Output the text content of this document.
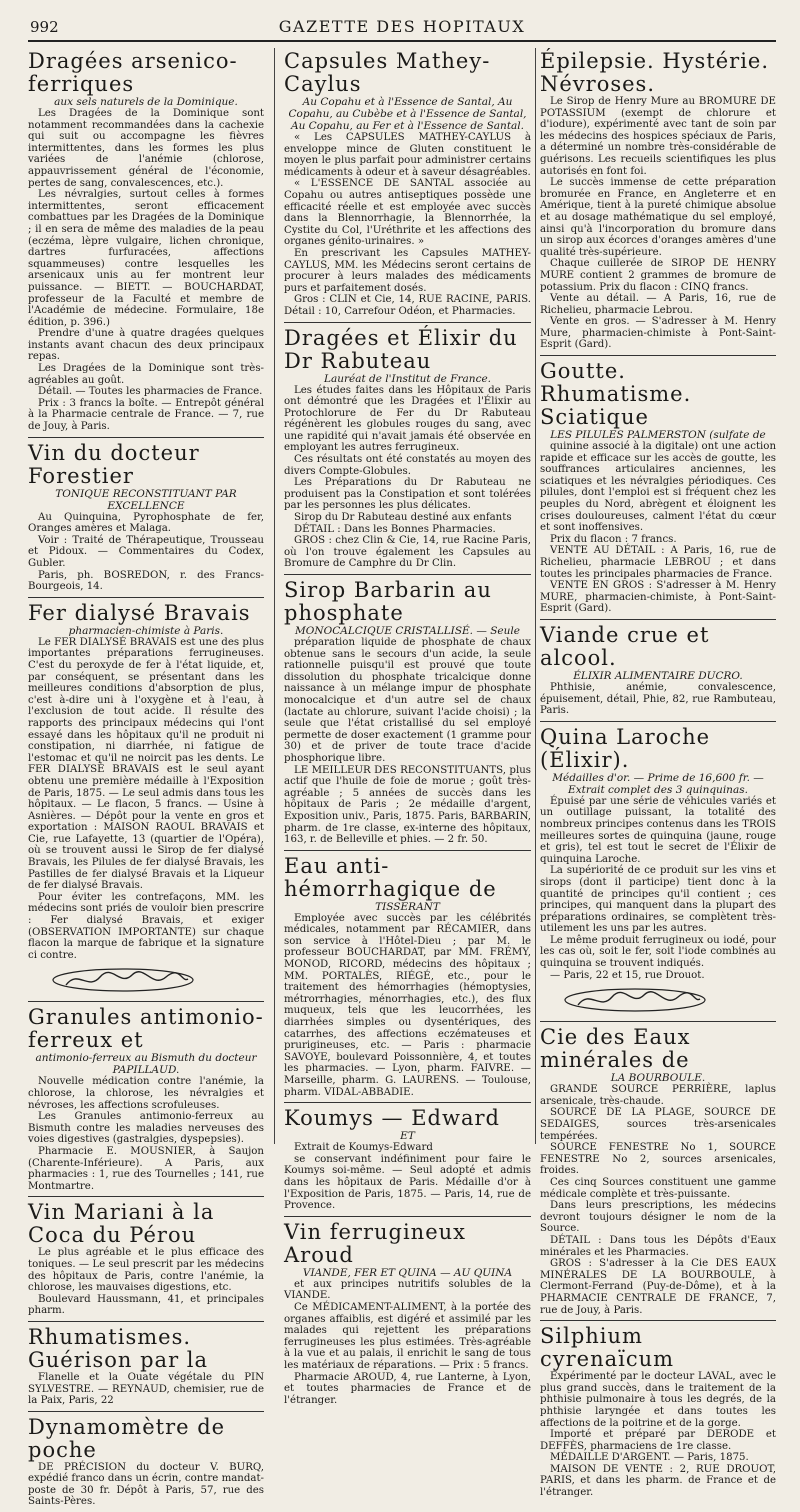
992	GAZETTE DES HOPITAUX
Dragées arsenico-ferriques
aux sels naturels de la Dominique.

Les Dragées de la Dominique sont notamment recommandées dans la cachexie qui suit ou accompagne les fièvres intermittentes, dans les formes les plus variées de l'anémie (chlorose, appauvrissement général de l'économie, pertes de sang, convalescences, etc.).

Les névralgies, surtout celles à formes intermittentes, seront efficacement combattues par les Dragées de la Dominique ; il en sera de même des maladies de la peau (eczéma, lèpre vulgaire, lichen chronique, dartres furfuracées, affections squammeuses) contre lesquelles les arsenicaux unis au fer montrent leur puissance. — BIETT. — BOUCHARDAT, professeur de la Faculté et membre de l'Académie de médecine. Formulaire, 18e édition, p. 396.)

Prendre d'une à quatre dragées quelques instants avant chacun des deux principaux repas.

Les Dragées de la Dominique sont très-agréables au goût.

Détail. — Toutes les pharmacies de France.

Prix : 3 francs la boîte. — Entrepôt général à la Pharmacie centrale de France. — 7, rue de Jouy, à Paris.

Vin du docteur Forestier
TONIQUE RECONSTITUANT PAR EXCELLENCE

Au Quinquina, Pyrophosphate de fer, Oranges amères et Malaga.

Voir : Traité de Thérapeutique, Trousseau et Pidoux. — Commentaires du Codex, Gubler.

Paris, ph. BOSREDON, r. des Francs-Bourgeois, 14.

Fer dialysé Bravais
pharmacien-chimiste à Paris.

Le FER DIALYSÉ BRAVAIS est une des plus importantes préparations ferrugineuses. C'est du peroxyde de fer à l'état liquide, et, par conséquent, se présentant dans les meilleures conditions d'absorption de plus, c'est à-dire uni à l'oxygène et à l'eau, à l'exclusion de tout acide. Il résulte des rapports des principaux médecins qui l'ont essayé dans les hôpitaux qu'il ne produit ni constipation, ni diarrhée, ni fatigue de l'estomac et qu'il ne noircit pas les dents. Le FER DIALYSÉ BRAVAIS est le seul ayant obtenu une première médaille à l'Exposition de Paris, 1875. — Le seul admis dans tous les hôpitaux. — Le flacon, 5 francs. — Usine à Asnières. — Dépôt pour la vente en gros et exportation : MAISON RAOUL BRAVAIS et Cie, rue Lafayette, 13 (quartier de l'Opéra), où se trouvent aussi le Sirop de fer dialysé Bravais, les Pilules de fer dialysé Bravais, les Pastilles de fer dialysé Bravais et la Liqueur de fer dialysé Bravais.

Pour éviter les contrefaçons, MM. les médecins sont priés de vouloir bien prescrire : Fer dialysé Bravais, et exiger (OBSERVATION IMPORTANTE) sur chaque flacon la marque de fabrique et la signature ci contre.

Granules antimonio-ferreux et
antimonio-ferreux au Bismuth du docteur PAPILLAUD.

Nouvelle médication contre l'anémie, la chlorose, la chlorose, les névralgies et névroses, les affections scrofuleuses.

Les Granules antimonio-ferreux au Bismuth contre les maladies nerveuses des voies digestives (gastralgies, dyspepsies).

Pharmacie E. MOUSNIER, à Saujon (Charente-Inférieure). A Paris, aux pharmacies : 1, rue des Tournelles ; 141, rue Montmartre.

Vin Mariani à la Coca du Pérou

Le plus agréable et le plus efficace des toniques. — Le seul prescrit par les médecins des hôpitaux de Paris, contre l'anémie, la chlorose, les mauvaises digestions, etc.

Boulevard Haussmann, 41, et principales pharm.

Rhumatismes. Guérison par la

Flanelle et la Ouate végétale du PIN SYLVESTRE. — REYNAUD, chemisier, rue de la Paix, Paris, 22

Dynamomètre de poche

DE PRÉCISION du docteur V. BURQ, expédié franco dans un écrin, contre mandat-poste de 30 fr. Dépôt à Paris, 57, rue des Saints-Pères.

Capsules Mathey-Caylus
Au Copahu et à l'Essence de Santal, Au Copahu, au Cubèbe et à l'Essence de Santal, Au Copahu, au Fer et à l'Essence de Santal.

« Les CAPSULES MATHEY-CAYLUS à enveloppe mince de Gluten constituent le moyen le plus parfait pour administrer certains médicaments à odeur et à saveur désagréables.

« L'ESSENCE DE SANTAL associée au Copahu ou autres antiseptiques possède une efficacité réelle et est employée avec succès dans la Blennorrhagie, la Blennorrhée, la Cystite du Col, l'Uréthrite et les affections des organes génito-urinaires. »

En prescrivant les Capsules MATHEY-CAYLUS, MM. les Médecins seront certains de procurer à leurs malades des médicaments purs et parfaitement dosés.

Gros : CLIN et Cie, 14, RUE RACINE, PARIS. Détail : 10, Carrefour Odéon, et Pharmacies.

Dragées et Élixir du Dr Rabuteau
Lauréat de l'Institut de France.

Les études faites dans les Hôpitaux de Paris ont démontré que les Dragées et l'Élixir au Protochlorure de Fer du Dr Rabuteau régénèrent les globules rouges du sang, avec une rapidité qui n'avait jamais été observée en employant les autres ferrugineux.

Ces résultats ont été constatés au moyen des divers Compte-Globules.

Les Préparations du Dr Rabuteau ne produisent pas la Constipation et sont tolérées par les personnes les plus délicates.

Sirop du Dr Rabuteau destiné aux enfants

DÉTAIL : Dans les Bonnes Pharmacies.

GROS : chez Clin & Cie, 14, rue Racine Paris, où l'on trouve également les Capsules au Bromure de Camphre du Dr Clin.

Sirop Barbarin au phosphate
MONOCALCIQUE CRISTALLISÉ. — Seule

préparation liquide de phosphate de chaux obtenue sans le secours d'un acide, la seule rationnelle puisqu'il est prouvé que toute dissolution du phosphate tricalcique donne naissance à un mélange impur de phosphate monocalcique et d'un autre sel de chaux (lactate au chlorure, suivant l'acide choisi) ; la seule que l'état cristallisé du sel employé permette de doser exactement (1 gramme pour 30) et de priver de toute trace d'acide phosphorique libre.

LE MEILLEUR DES RECONSTITUANTS, plus actif que l'huile de foie de morue ; goût très-agréable ; 5 années de succès dans les hôpitaux de Paris ; 2e médaille d'argent, Exposition univ., Paris, 1875. Paris, BARBARIN, pharm. de 1re classe, ex-interne des hôpitaux, 163, r. de Belleville et phies. — 2 fr. 50.

Eau anti-hémorrhagique de
TISSERANT

Employée avec succès par les célébrités médicales, notamment par RÉCAMIER, dans son service à l'Hôtel-Dieu ; par M. le professeur BOUCHARDAT, par MM. FRÉMY, MONOD, RICORD, médecins des hôpitaux ; MM. PORTALÈS, RIÉGÉ, etc., pour le traitement des hémorrhagies (hémoptysies, métrorrhagies, ménorrhagies, etc.), des flux muqueux, tels que les leucorrhées, les diarrhées simples ou dysentériques, des catarrhes, des affections eczémateuses et prurigineuses, etc. — Paris : pharmacie SAVOYE, boulevard Poissonnière, 4, et toutes les pharmacies. — Lyon, pharm. FAIVRE. — Marseille, pharm. G. LAURENS. — Toulouse, pharm. VIDAL-ABBADIE.

Koumys — Edward
ET

Extrait de Koumys-Edward

se conservant indéfiniment pour faire le Koumys soi-même. — Seul adopté et admis dans les hôpitaux de Paris. Médaille d'or à l'Exposition de Paris, 1875. — Paris, 14, rue de Provence.

Vin ferrugineux Aroud
VIANDE, FER ET QUINA — AU QUINA

et aux principes nutritifs solubles de la VIANDE.

Ce MÉDICAMENT-ALIMENT, à la portée des organes affaiblis, est digéré et assimilé par les malades qui rejettent les préparations ferrugineuses les plus estimées. Très-agréable à la vue et au palais, il enrichit le sang de tous les matériaux de réparations. — Prix : 5 francs.

Pharmacie AROUD, 4, rue Lanterne, à Lyon, et toutes pharmacies de France et de l'étranger.

Épilepsie. Hystérie. Névroses.

Le Sirop de Henry Mure au BROMURE DE POTASSIUM (exempt de chlorure et d'iodure), expérimenté avec tant de soin par les médecins des hospices spéciaux de Paris, a déterminé un nombre très-considérable de guérisons. Les recueils scientifiques les plus autorisés en font foi.

Le succès immense de cette préparation bromurée en France, en Angleterre et en Amérique, tient à la pureté chimique absolue et au dosage mathématique du sel employé, ainsi qu'à l'incorporation du bromure dans un sirop aux écorces d'oranges amères d'une qualité très-supérieure.

Chaque cuillerée de SIROP DE HENRY MURE contient 2 grammes de bromure de potassium. Prix du flacon : CINQ francs.

Vente au détail. — A Paris, 16, rue de Richelieu, pharmacie Lebrou.

Vente en gros. — S'adresser à M. Henry Mure, pharmacien-chimiste à Pont-Saint-Esprit (Gard).

Goutte. Rhumatisme. Sciatique
LES PILULES PALMERSTON (sulfate de

quinine associé à la digitale) ont une action rapide et efficace sur les accès de goutte, les souffrances articulaires anciennes, les sciatiques et les névralgies périodiques. Ces pilules, dont l'emploi est si fréquent chez les peuples du Nord, abrègent et éloignent les crises douloureuses, calment l'état du cœur et sont inoffensives.

Prix du flacon : 7 francs.

VENTE AU DÉTAIL : A Paris, 16, rue de Richelieu, pharmacie LEBROU ; et dans toutes les principales pharmacies de France.

VENTE EN GROS : S'adresser à M. Henry MURE, pharmacien-chimiste, à Pont-Saint-Esprit (Gard).

Viande crue et alcool.
ÉLIXIR ALIMENTAIRE DUCRO.

Phthisie, anémie, convalescence, épuisement, détail, Phie, 82, rue Rambuteau, Paris.

Quina Laroche (Élixir).
Médailles d'or. — Prime de 16,600 fr. — Extrait complet des 3 quinquinas.

Épuisé par une série de véhicules variés et un outillage puissant, la totalité des nombreux principes contenus dans les TROIS meilleures sortes de quinquina (jaune, rouge et gris), tel est tout le secret de l'Élixir de quinquina Laroche.

La supériorité de ce produit sur les vins et sirops (dont il participe) tient donc à la quantité de principes qu'il contient ; ces principes, qui manquent dans la plupart des préparations ordinaires, se complètent très-utilement les uns par les autres.

Le même produit ferrugineux ou iodé, pour les cas où, soit le fer, soit l'iode combinés au quinquina se trouvent indiqués.

— Paris, 22 et 15, rue Drouot.

Cie des Eaux minérales de
LA BOURBOULE.

GRANDE SOURCE PERRIÈRE, laplus arsenicale, très-chaude.

SOURCE DE LA PLAGE, SOURCE DE SEDAIGES, sources très-arsenicales tempérées.

SOURCE FENESTRE No 1, SOURCE FENESTRE No 2, sources arsenicales, froides.

Ces cinq Sources constituent une gamme médicale complète et très-puissante.

Dans leurs prescriptions, les médecins devront toujours désigner le nom de la Source.

DÉTAIL : Dans tous les Dépôts d'Eaux minérales et les Pharmacies.

GROS : S'adresser à la Cie DES EAUX MINÉRALES DE LA BOURBOULE, à Clermont-Ferrand (Puy-de-Dôme), et à la PHARMACIE CENTRALE DE FRANCE, 7, rue de Jouy, à Paris.

Silphium cyrenaïcum

Expérimenté par le docteur LAVAL, avec le plus grand succès, dans le traitement de la phthisie pulmonaire à tous les degrés, de la phthisie laryngée et dans toutes les affections de la poitrine et de la gorge.

Importé et préparé par DERODE et DEFFÈS, pharmaciens de 1re classe.

MÉDAILLE D'ARGENT. — Paris, 1875.

MAISON DE VENTE : 2, RUE DROUOT, PARIS, et dans les pharm. de France et de l'étranger.
